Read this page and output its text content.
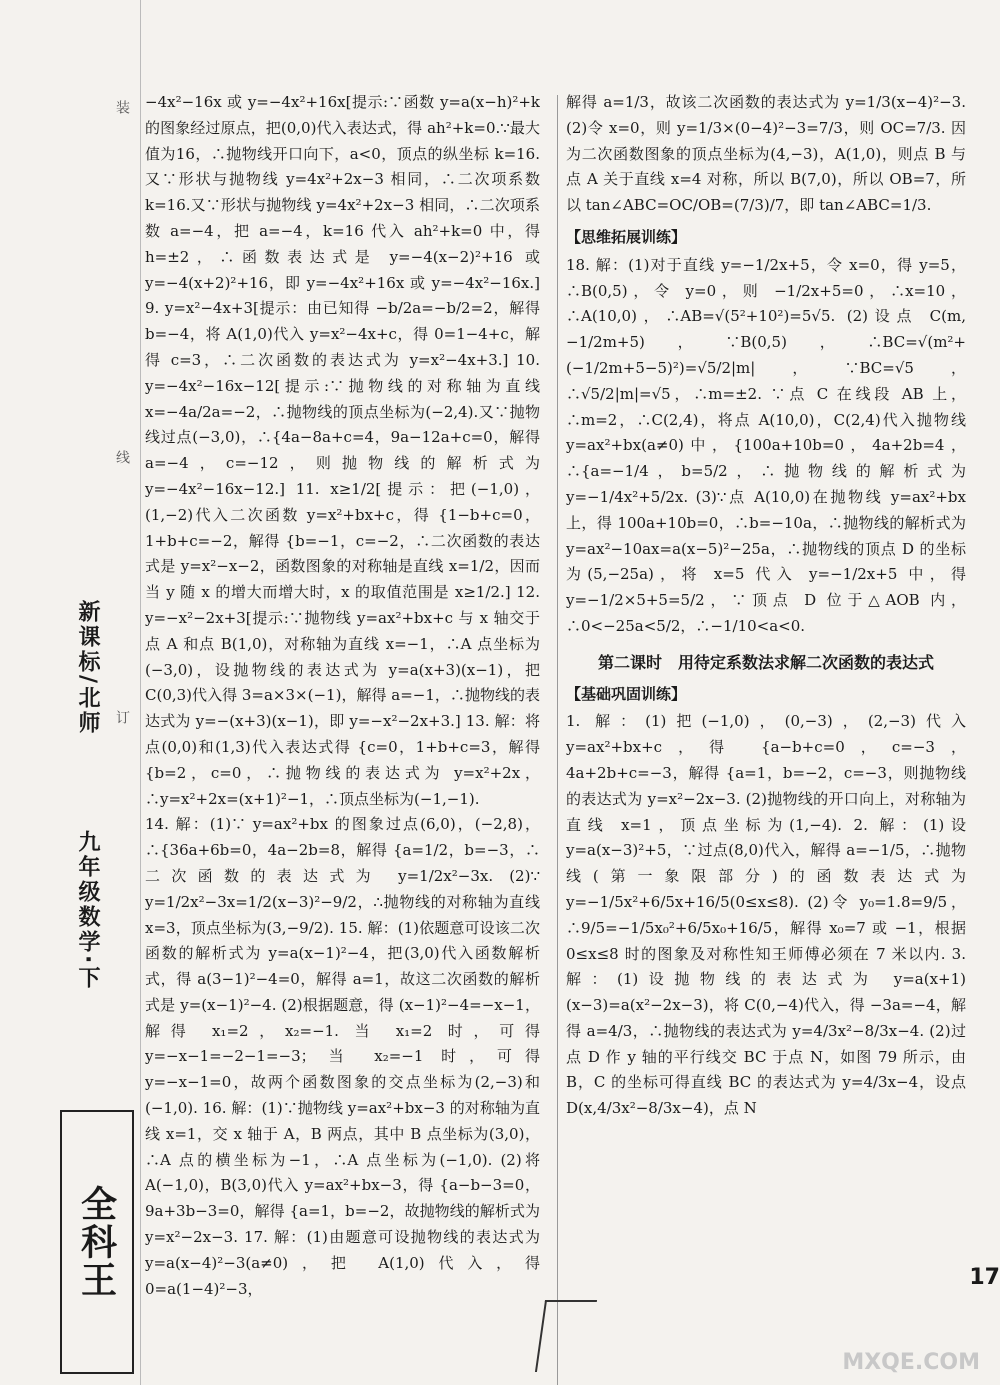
新课标/北师
九年级数学·下
装
订
线
全科王

−4x²−16x 或 y=−4x²+16x[提示:∵函数 y=a(x−h)²+k 的图象经过原点，把(0,0)代入表达式，得 ah²+k=0.∵最大值为16，∴抛物线开口向下，a<0，顶点的纵坐标 k=16.又∵形状与抛物线 y=4x²+2x−3 相同，∴二次项系数 k=16.又∵形状与抛物线 y=4x²+2x−3 相同，∴二次项系数 a=−4，把 a=−4，k=16 代入 ah²+k=0 中，得 h=±2，∴函数表达式是 y=−4(x−2)²+16 或 y=−4(x+2)²+16，即 y=−4x²+16x 或 y=−4x²−16x.] 9. y=x²−4x+3[提示：由已知得 −b/2a=−b/2=2，解得 b=−4，将 A(1,0)代入 y=x²−4x+c，得 0=1−4+c，解得 c=3，∴二次函数的表达式为 y=x²−4x+3.] 10. y=−4x²−16x−12[提示:∵抛物线的对称轴为直线 x=−4a/2a=−2，∴抛物线的顶点坐标为(−2,4).又∵抛物线过点(−3,0)，∴{4a−8a+c=4，9a−12a+c=0，解得 a=−4，c=−12，则抛物线的解析式为 y=−4x²−16x−12.] 11. x≥1/2[提示：把(−1,0)，(1,−2)代入二次函数 y=x²+bx+c，得 {1−b+c=0，1+b+c=−2，解得 {b=−1，c=−2，∴二次函数的表达式是 y=x²−x−2，函数图象的对称轴是直线 x=1/2，因而当 y 随 x 的增大而增大时，x 的取值范围是 x≥1/2.] 12. y=−x²−2x+3[提示:∵抛物线 y=ax²+bx+c 与 x 轴交于点 A 和点 B(1,0)，对称轴为直线 x=−1，∴A 点坐标为(−3,0)，设抛物线的表达式为 y=a(x+3)(x−1)，把 C(0,3)代入得 3=a×3×(−1)，解得 a=−1，∴抛物线的表达式为 y=−(x+3)(x−1)，即 y=−x²−2x+3.] 13. 解：将点(0,0)和(1,3)代入表达式得 {c=0，1+b+c=3，解得 {b=2，c=0，∴抛物线的表达式为 y=x²+2x，∴y=x²+2x=(x+1)²−1，∴顶点坐标为(−1,−1).

14. 解：(1)∵ y=ax²+bx 的图象过点(6,0)，(−2,8)，∴{36a+6b=0，4a−2b=8，解得 {a=1/2，b=−3，∴二次函数的表达式为 y=1/2x²−3x. (2)∵ y=1/2x²−3x=1/2(x−3)²−9/2，∴抛物线的对称轴为直线 x=3，顶点坐标为(3,−9/2). 15. 解：(1)依题意可设该二次函数的解析式为 y=a(x−1)²−4，把(3,0)代入函数解析式，得 a(3−1)²−4=0，解得 a=1，故这二次函数的解析式是 y=(x−1)²−4. (2)根据题意，得 (x−1)²−4=−x−1，解得 x₁=2，x₂=−1. 当 x₁=2 时，可得 y=−x−1=−2−1=−3；当 x₂=−1 时，可得 y=−x−1=0，故两个函数图象的交点坐标为(2,−3)和(−1,0). 16. 解：(1)∵抛物线 y=ax²+bx−3 的对称轴为直线 x=1，交 x 轴于 A，B 两点，其中 B 点坐标为(3,0)，∴A 点的横坐标为−1，∴A 点坐标为(−1,0). (2)将 A(−1,0)，B(3,0)代入 y=ax²+bx−3，得 {a−b−3=0，9a+3b−3=0，解得 {a=1，b=−2，故抛物线的解析式为 y=x²−2x−3. 17. 解：(1)由题意可设抛物线的表达式为 y=a(x−4)²−3(a≠0)，把 A(1,0)代入，得 0=a(1−4)²−3，

解得 a=1/3，故该二次函数的表达式为 y=1/3(x−4)²−3. (2)令 x=0，则 y=1/3×(0−4)²−3=7/3，则 OC=7/3. 因为二次函数图象的顶点坐标为(4,−3)，A(1,0)，则点 B 与点 A 关于直线 x=4 对称，所以 B(7,0)，所以 OB=7，所以 tan∠ABC=OC/OB=(7/3)/7，即 tan∠ABC=1/3.

【思维拓展训练】

18. 解：(1)对于直线 y=−1/2x+5，令 x=0，得 y=5，∴B(0,5)，令 y=0，则 −1/2x+5=0，∴x=10，∴A(10,0)，∴AB=√(5²+10²)=5√5. (2)设点 C(m,−1/2m+5)，∵B(0,5)，∴BC=√(m²+(−1/2m+5−5)²)=√5/2|m|，∵BC=√5，∴√5/2|m|=√5，∴m=±2. ∵点 C 在线段 AB 上，∴m=2，∴C(2,4)，将点 A(10,0)，C(2,4)代入抛物线 y=ax²+bx(a≠0)中，{100a+10b=0，4a+2b=4，∴{a=−1/4，b=5/2，∴抛物线的解析式为 y=−1/4x²+5/2x. (3)∵点 A(10,0)在抛物线 y=ax²+bx 上，得 100a+10b=0，∴b=−10a，∴抛物线的解析式为 y=ax²−10ax=a(x−5)²−25a，∴抛物线的顶点 D 的坐标为(5,−25a)，将 x=5 代入 y=−1/2x+5 中，得 y=−1/2×5+5=5/2，∵顶点 D 位于△AOB 内，∴0<−25a<5/2，∴−1/10<a<0.

第二课时　用待定系数法求解二次函数的表达式
【基础巩固训练】

1. 解：(1)把(−1,0)，(0,−3)，(2,−3)代入 y=ax²+bx+c，得 {a−b+c=0，c=−3，4a+2b+c=−3，解得 {a=1，b=−2，c=−3，则抛物线的表达式为 y=x²−2x−3. (2)抛物线的开口向上，对称轴为直线 x=1，顶点坐标为(1,−4). 2. 解：(1)设 y=a(x−3)²+5，∵过点(8,0)代入，解得 a=−1/5，∴抛物线(第一象限部分)的函数表达式为 y=−1/5x²+6/5x+16/5(0≤x≤8). (2)令 y₀=1.8=9/5，∴9/5=−1/5x₀²+6/5x₀+16/5，解得 x₀=7 或 −1，根据 0≤x≤8 时的图象及对称性知王师傅必须在 7 米以内. 3. 解：(1)设抛物线的表达式为 y=a(x+1)(x−3)=a(x²−2x−3)，将 C(0,−4)代入，得 −3a=−4，解得 a=4/3，∴抛物线的表达式为 y=4/3x²−8/3x−4. (2)过点 D 作 y 轴的平行线交 BC 于点 N，如图 79 所示，由 B，C 的坐标可得直线 BC 的表达式为 y=4/3x−4，设点 D(x,4/3x²−8/3x−4)，点 N

17
MXQE.COM
